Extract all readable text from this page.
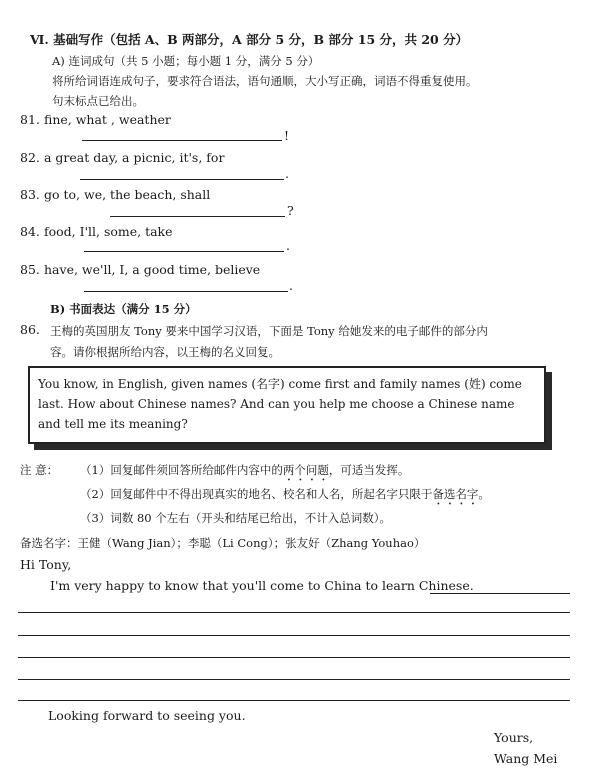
Ⅵ. 基础写作（包括 A、B 两部分，A 部分 5 分，B 部分 15 分，共 20 分）
A) 连词成句（共 5 小题；每小题 1 分，满分 5 分）
将所给词语连成句子，要求符合语法，语句通顺，大小写正确，词语不得重复使用。
句末标点已给出。
81. fine, what , weather
!
82. a great day, a picnic, it's, for
.
83. go to, we, the beach, shall
?
84. food, I'll, some, take
.
85. have, we'll, I, a good time, believe
.
B) 书面表达（满分 15 分）
86. 王梅的英国朋友 Tony 要来中国学习汉语，下面是 Tony 给她发来的电子邮件的部分内
容。请你根据所给内容，以王梅的名义回复。
You know, in English, given names (名字) come first and family names (姓) come last. How about Chinese names? And can you help me choose a Chinese name and tell me its meaning?
注 意： （1）回复邮件须回答所给邮件内容中的两个问题，可适当发挥。
（2）回复邮件中不得出现真实的地名、校名和人名，所起名字只限于备选名字。
（3）词数 80 个左右（开头和结尾已给出，不计入总词数）。
备选名字：王健（Wang Jian）；李聪（Li Cong）；张友好（Zhang Youhao）
Hi Tony,
I'm very happy to know that you'll come to China to learn Chinese.
Looking forward to seeing you.
Yours,
Wang Mei
